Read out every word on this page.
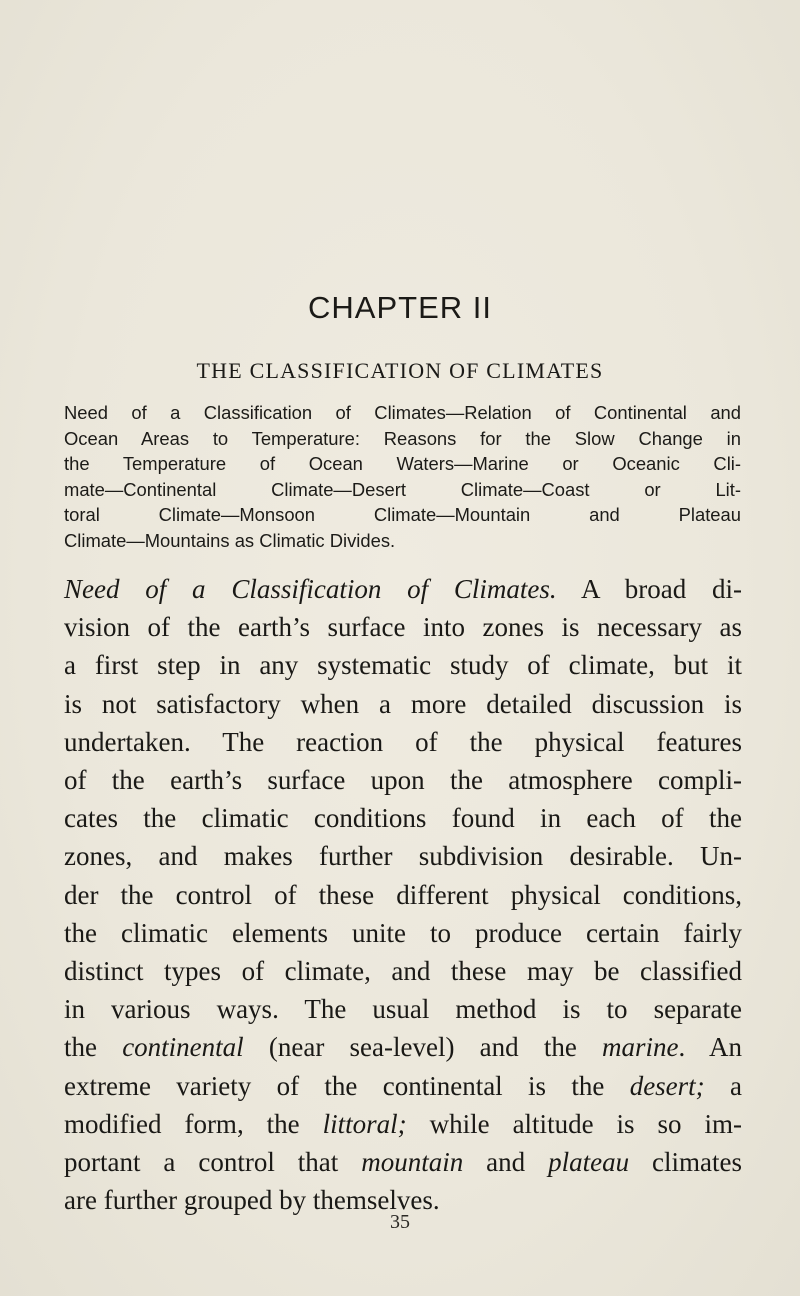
CHAPTER II
THE CLASSIFICATION OF CLIMATES
Need of a Classification of Climates—Relation of Continental and
Ocean Areas to Temperature: Reasons for the Slow Change in
the Temperature of Ocean Waters—Marine or Oceanic Cli-
mate—Continental Climate—Desert Climate—Coast or Lit-
toral Climate—Monsoon Climate—Mountain and Plateau
Climate—Mountains as Climatic Divides.
Need of a Classification of Climates. A broad di-
vision of the earth’s surface into zones is necessary as
a first step in any systematic study of climate, but it
is not satisfactory when a more detailed discussion is
undertaken. The reaction of the physical features
of the earth’s surface upon the atmosphere compli-
cates the climatic conditions found in each of the
zones, and makes further subdivision desirable. Un-
der the control of these different physical conditions,
the climatic elements unite to produce certain fairly
distinct types of climate, and these may be classified
in various ways. The usual method is to separate
the continental (near sea-level) and the marine. An
extreme variety of the continental is the desert; a
modified form, the littoral; while altitude is so im-
portant a control that mountain and plateau climates
are further grouped by themselves.
35
